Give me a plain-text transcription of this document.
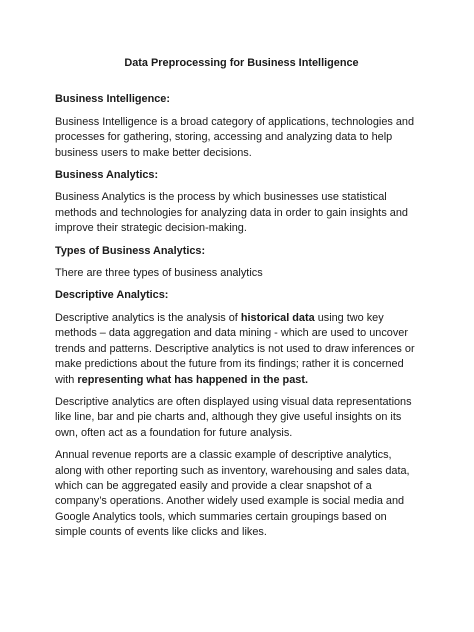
Data Preprocessing for Business Intelligence
Business Intelligence:
Business Intelligence is a broad category of applications, technologies and processes for gathering, storing, accessing and analyzing data to help business users to make better decisions.
Business Analytics:
Business Analytics is the process by which businesses use statistical methods and technologies for analyzing data in order to gain insights and improve their strategic decision-making.
Types of Business Analytics:
There are three types of business analytics
Descriptive Analytics:
Descriptive analytics is the analysis of historical data using two key methods – data aggregation and data mining - which are used to uncover trends and patterns. Descriptive analytics is not used to draw inferences or make predictions about the future from its findings; rather it is concerned with representing what has happened in the past.
Descriptive analytics are often displayed using visual data representations like line, bar and pie charts and, although they give useful insights on its own, often act as a foundation for future analysis.
Annual revenue reports are a classic example of descriptive analytics, along with other reporting such as inventory, warehousing and sales data, which can be aggregated easily and provide a clear snapshot of a company’s operations. Another widely used example is social media and Google Analytics tools, which summaries certain groupings based on simple counts of events like clicks and likes.
